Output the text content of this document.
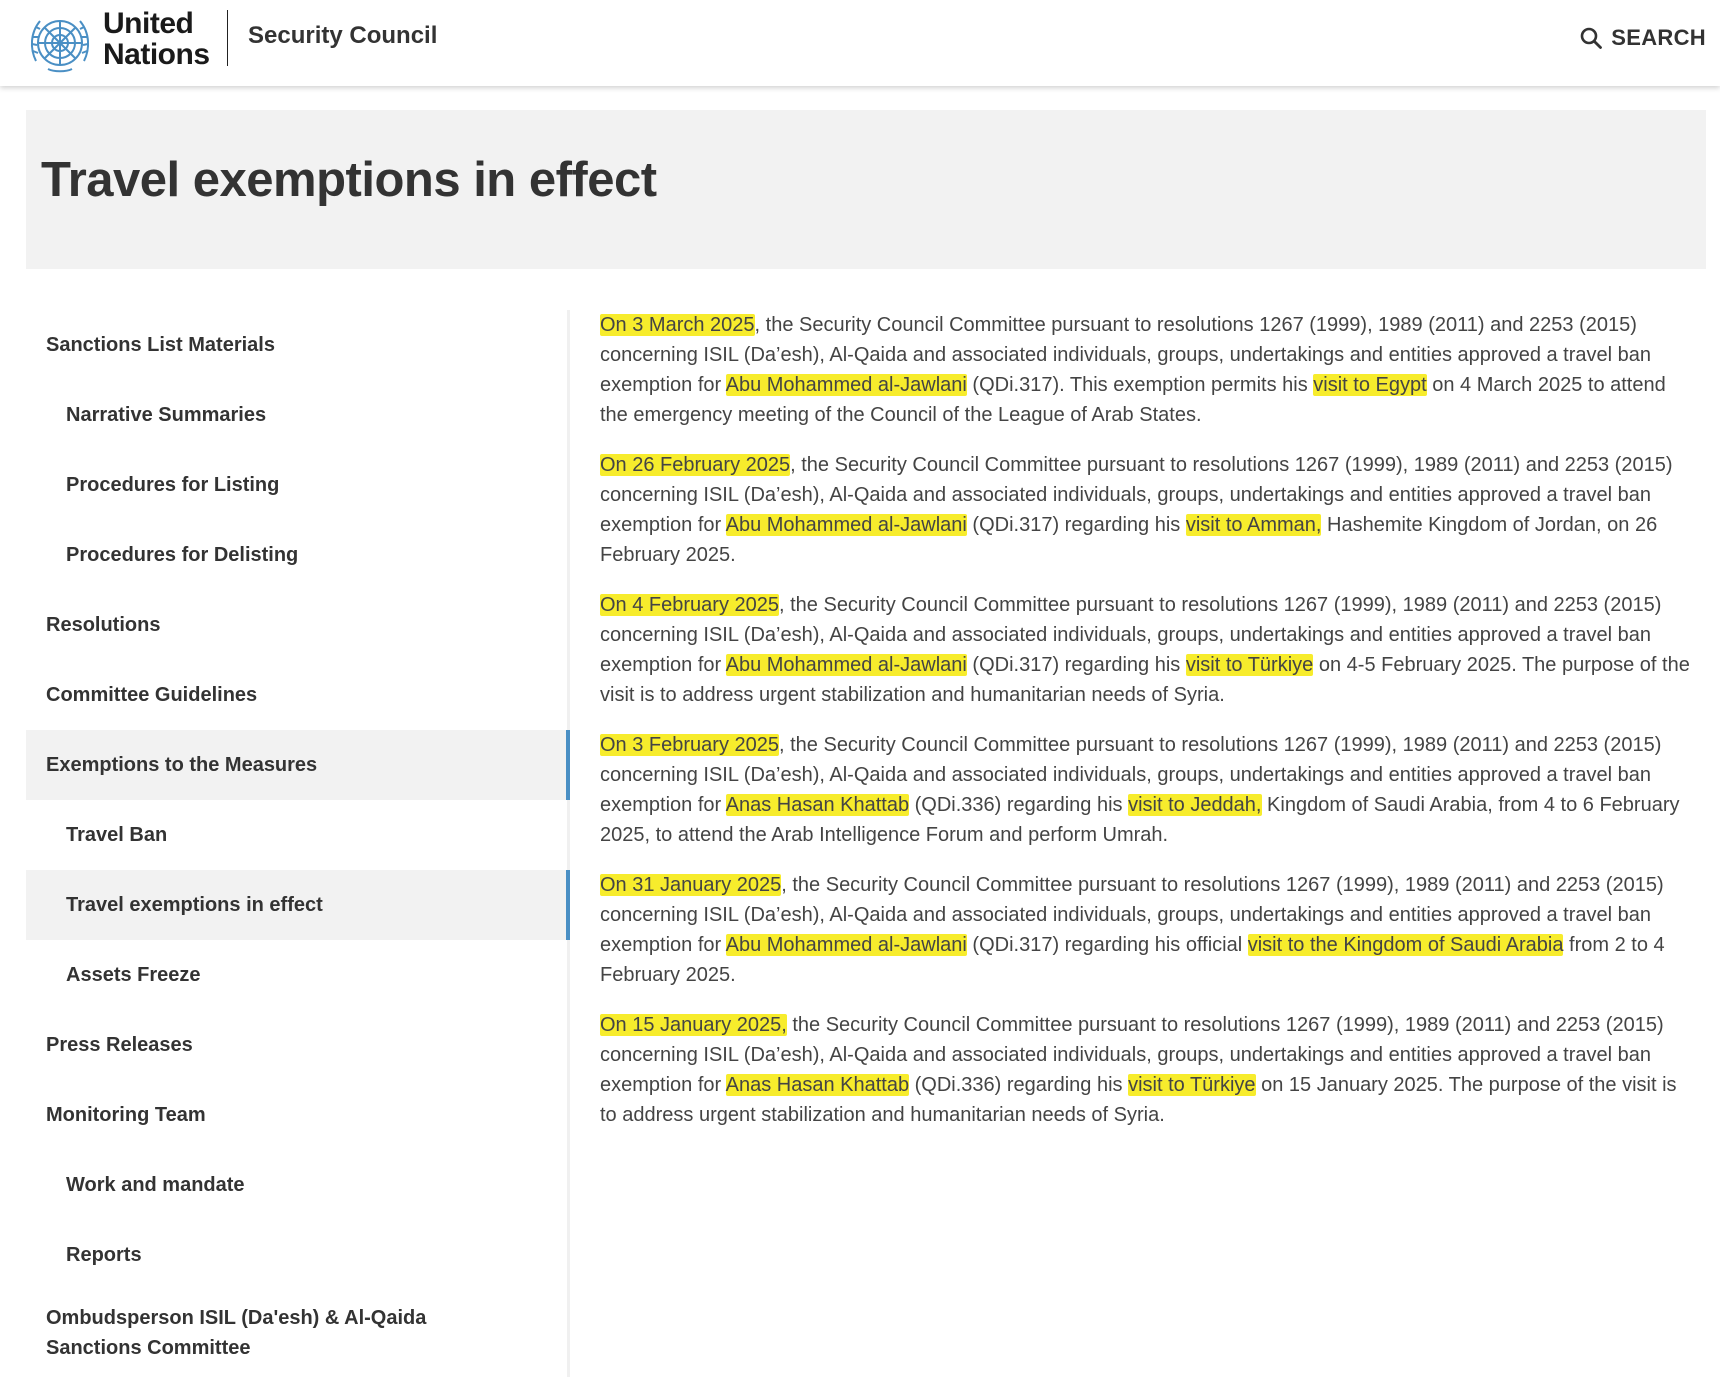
United
Nations
Security Council	SEARCH
Travel exemptions in effect
Sanctions List Materials
Narrative Summaries
Procedures for Listing
Procedures for Delisting
Resolutions
Committee Guidelines
Exemptions to the Measures
Travel Ban
Travel exemptions in effect
Assets Freeze
Press Releases
Monitoring Team
Work and mandate
Reports
Ombudsperson ISIL (Da'esh) & Al-Qaida Sanctions Committee

On 3 March 2025, the Security Council Committee pursuant to resolutions 1267 (1999), 1989 (2011) and 2253 (2015) concerning ISIL (Da’esh), Al-Qaida and associated individuals, groups, undertakings and entities approved a travel ban exemption for Abu Mohammed al-Jawlani (QDi.317). This exemption permits his visit to Egypt on 4 March 2025 to attend the emergency meeting of the Council of the League of Arab States.

On 26 February 2025, the Security Council Committee pursuant to resolutions 1267 (1999), 1989 (2011) and 2253 (2015) concerning ISIL (Da’esh), Al-Qaida and associated individuals, groups, undertakings and entities approved a travel ban exemption for Abu Mohammed al-Jawlani (QDi.317) regarding his visit to Amman, Hashemite Kingdom of Jordan, on 26 February 2025.

On 4 February 2025, the Security Council Committee pursuant to resolutions 1267 (1999), 1989 (2011) and 2253 (2015) concerning ISIL (Da’esh), Al-Qaida and associated individuals, groups, undertakings and entities approved a travel ban exemption for Abu Mohammed al-Jawlani (QDi.317) regarding his visit to Türkiye on 4-5 February 2025. The purpose of the visit is to address urgent stabilization and humanitarian needs of Syria.

On 3 February 2025, the Security Council Committee pursuant to resolutions 1267 (1999), 1989 (2011) and 2253 (2015) concerning ISIL (Da’esh), Al-Qaida and associated individuals, groups, undertakings and entities approved a travel ban exemption for Anas Hasan Khattab (QDi.336) regarding his visit to Jeddah, Kingdom of Saudi Arabia, from 4 to 6 February 2025, to attend the Arab Intelligence Forum and perform Umrah.

On 31 January 2025, the Security Council Committee pursuant to resolutions 1267 (1999), 1989 (2011) and 2253 (2015) concerning ISIL (Da’esh), Al-Qaida and associated individuals, groups, undertakings and entities approved a travel ban exemption for Abu Mohammed al-Jawlani (QDi.317) regarding his official visit to the Kingdom of Saudi Arabia from 2 to 4 February 2025.

On 15 January 2025, the Security Council Committee pursuant to resolutions 1267 (1999), 1989 (2011) and 2253 (2015) concerning ISIL (Da’esh), Al-Qaida and associated individuals, groups, undertakings and entities approved a travel ban exemption for Anas Hasan Khattab (QDi.336) regarding his visit to Türkiye on 15 January 2025. The purpose of the visit is to address urgent stabilization and humanitarian needs of Syria.
